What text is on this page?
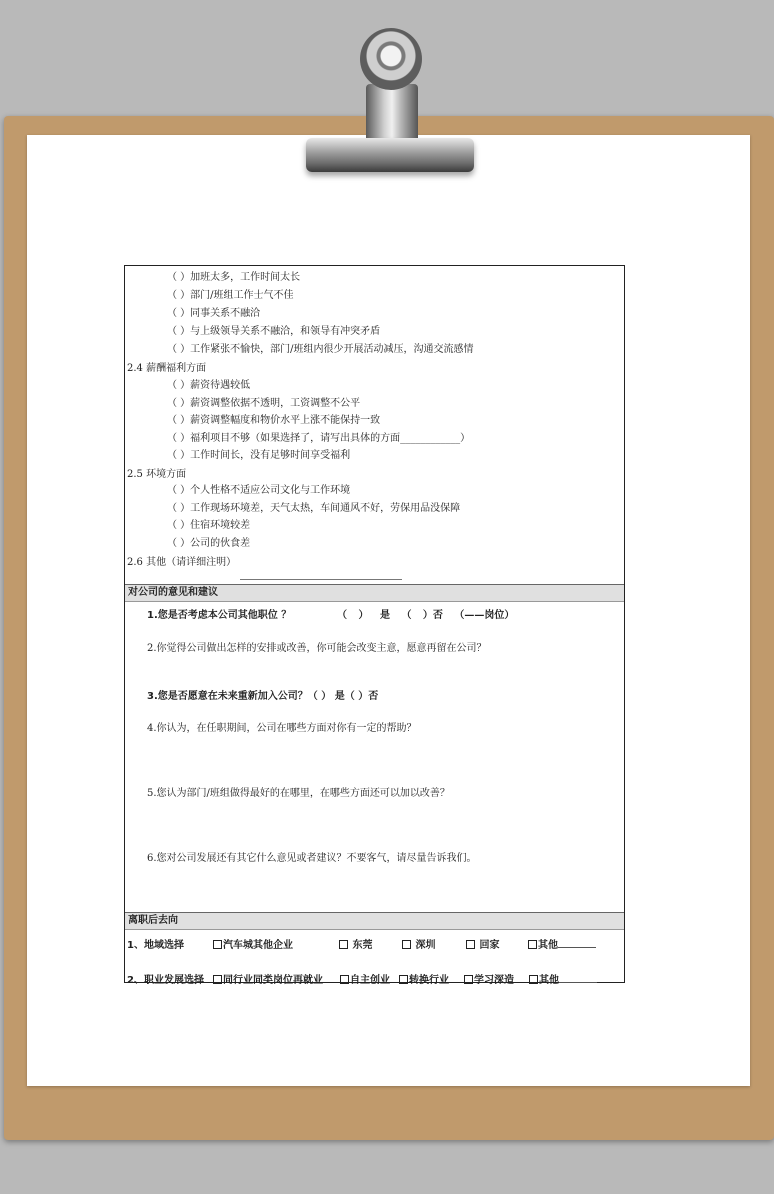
（ ）加班太多，工作时间太长
（ ）部门/班组工作士气不佳
（ ）同事关系不融洽
（ ）与上级领导关系不融洽，和领导有冲突矛盾
（ ）工作紧张不愉快，部门/班组内很少开展活动减压，沟通交流感情
2.4 薪酬福利方面
（ ）薪资待遇较低
（ ）薪资调整依据不透明，工资调整不公平
（ ）薪资调整幅度和物价水平上涨不能保持一致
（ ）福利项目不够（如果选择了，请写出具体的方面____________）
（ ）工作时间长，没有足够时间享受福利
2.5 环境方面
（ ）个人性格不适应公司文化与工作环境
（ ）工作现场环境差，天气太热，车间通风不好，劳保用品没保障
（ ）住宿环境较差
（ ）公司的伙食差
2.6 其他（请详细注明）
对公司的意见和建议
1.您是否考虑本公司其他职位 ？	（ ） 是 （ ）否 （——岗位）
2.你觉得公司做出怎样的安排或改善，你可能会改变主意，愿意再留在公司？
3.您是否愿意在未来重新加入公司？（ ） 是（ ）否
4.你认为，在任职期间，公司在哪些方面对你有一定的帮助？
5.您认为部门/班组做得最好的在哪里，在哪些方面还可以加以改善？
6.您对公司发展还有其它什么意见或者建议？不要客气，请尽量告诉我们。
离职后去向
1、地域选择	汽车城其他企业	东莞	深圳	回家	其他
2、职业发展选择	同行业同类岗位再就业	自主创业	转换行业	学习深造	其他
